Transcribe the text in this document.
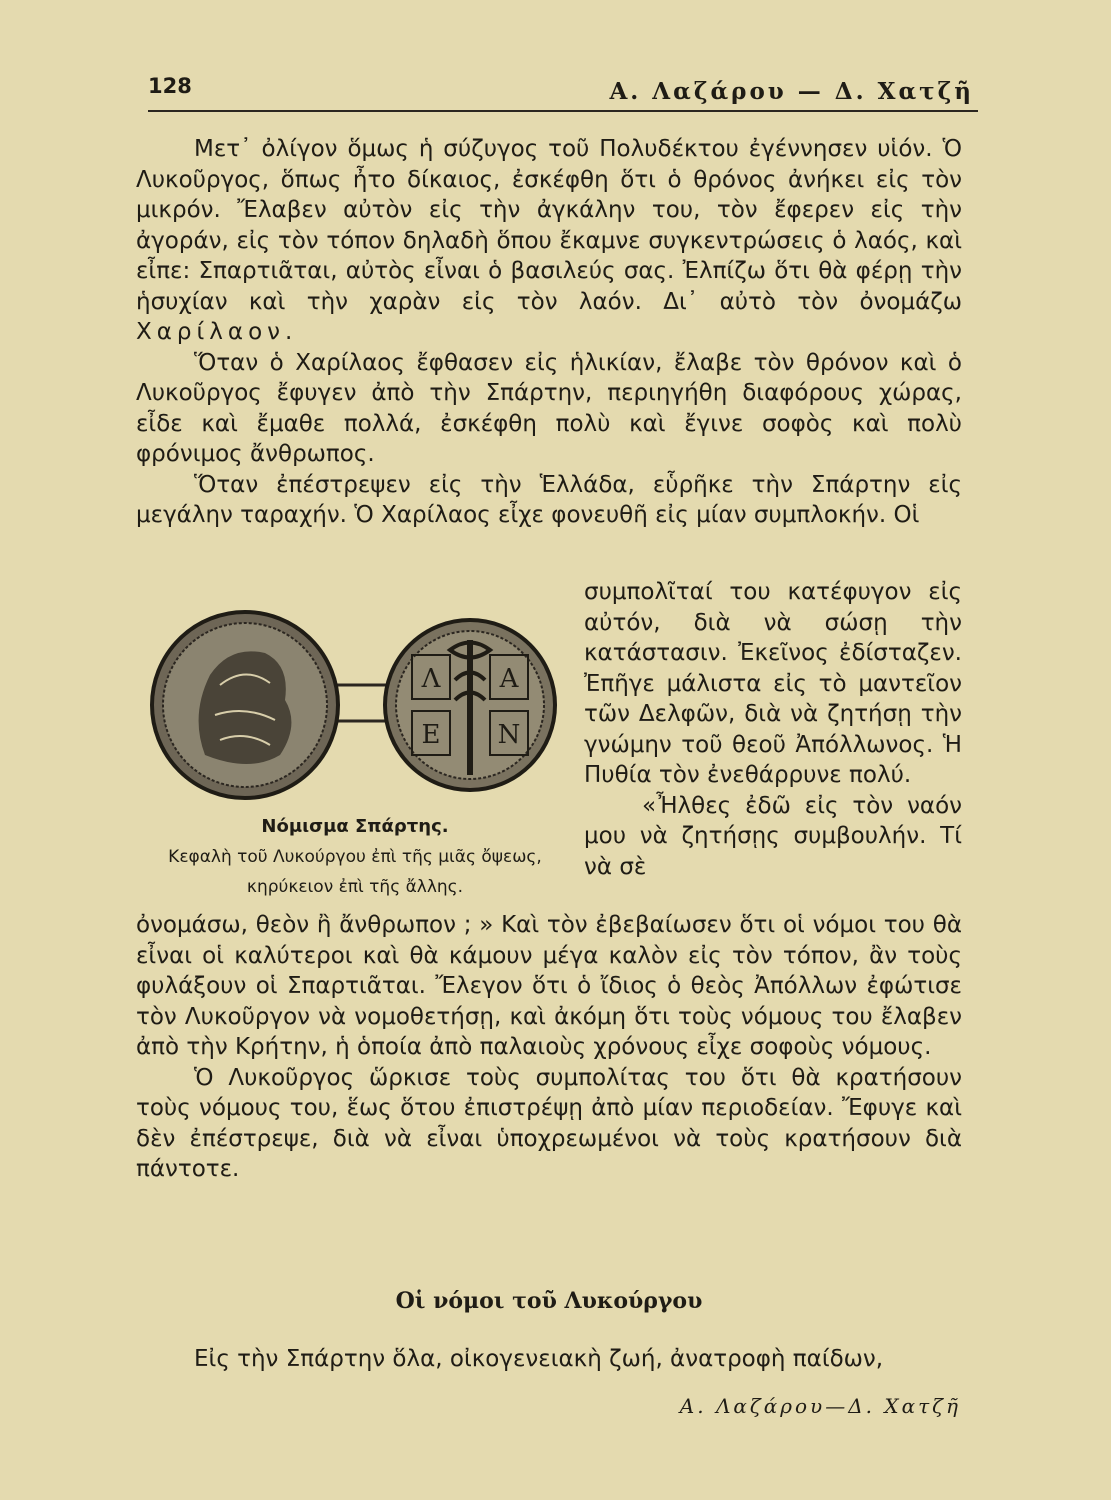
128	Α. Λαζάρου — Δ. Χατζῆ

Μετ᾽ ὀλίγον ὅμως ἡ σύζυγος τοῦ Πολυδέκτου ἐγέννησεν υἱόν. Ὁ Λυκοῦργος, ὅπως ἦτο δίκαιος, ἐσκέφθη ὅτι ὁ θρόνος ἀνήκει εἰς τὸν μικρόν. Ἔλαβεν αὐτὸν εἰς τὴν ἀγκάλην του, τὸν ἔφερεν εἰς τὴν ἀγοράν, εἰς τὸν τόπον δηλαδὴ ὅπου ἔκαμνε συγκεντρώσεις ὁ λαός, καὶ εἶπε: Σπαρτιᾶται, αὐτὸς εἶναι ὁ βασιλεύς σας. Ἐλπίζω ὅτι θὰ φέρῃ τὴν ἡσυχίαν καὶ τὴν χαρὰν εἰς τὸν λαόν. Δι᾽ αὐτὸ τὸν ὀνομάζω Χαρίλαον.

Ὅταν ὁ Χαρίλαος ἔφθασεν εἰς ἡλικίαν, ἔλαβε τὸν θρόνον καὶ ὁ Λυκοῦργος ἔφυγεν ἀπὸ τὴν Σπάρτην, περιηγήθη διαφόρους χώρας, εἶδε καὶ ἔμαθε πολλά, ἐσκέφθη πολὺ καὶ ἔγινε σοφὸς καὶ πολὺ φρόνιμος ἄνθρωπος.

Ὅταν ἐπέστρεψεν εἰς τὴν Ἑλλάδα, εὗρῆκε τὴν Σπάρτην εἰς μεγάλην ταραχήν. Ὁ Χαρίλαος εἶχε φονευθῆ εἰς μίαν συμπλοκήν. Οἱ

Λ Α
Ε Ν
Νόμισμα Σπάρτης.
Κεφαλὴ τοῦ Λυκούργου ἐπὶ τῆς μιᾶς ὄψεως, κηρύκειον ἐπὶ τῆς ἄλλης.

συμπολῖταί του κατέφυγον εἰς αὐτόν, διὰ νὰ σώσῃ τὴν κατάστασιν. Ἐκεῖνος ἐδίσταζεν. Ἐπῆγε μάλιστα εἰς τὸ μαντεῖον τῶν Δελφῶν, διὰ νὰ ζητήσῃ τὴν γνώμην τοῦ θεοῦ Ἀπόλλωνος. Ἡ Πυθία τὸν ἐνεθάρρυνε πολύ.

«Ἦλθες ἐδῶ εἰς τὸν ναόν μου νὰ ζητήσῃς συμβουλήν. Τί νὰ σὲ

ὀνομάσω, θεὸν ἢ ἄνθρωπον ; » Καὶ τὸν ἐβεβαίωσεν ὅτι οἱ νόμοι του θὰ εἶναι οἱ καλύτεροι καὶ θὰ κάμουν μέγα καλὸν εἰς τὸν τόπον, ἂν τοὺς φυλάξουν οἱ Σπαρτιᾶται. Ἔλεγον ὅτι ὁ ἴδιος ὁ θεὸς Ἀπόλλων ἐφώτισε τὸν Λυκοῦργον νὰ νομοθετήσῃ, καὶ ἀκόμη ὅτι τοὺς νόμους του ἔλαβεν ἀπὸ τὴν Κρήτην, ἡ ὁποία ἀπὸ παλαιοὺς χρόνους εἶχε σοφοὺς νόμους.

Ὁ Λυκοῦργος ὥρκισε τοὺς συμπολίτας του ὅτι θὰ κρατήσουν τοὺς νόμους του, ἕως ὅτου ἐπιστρέψῃ ἀπὸ μίαν περιοδείαν. Ἔφυγε καὶ δὲν ἐπέστρεψε, διὰ νὰ εἶναι ὑποχρεωμένοι νὰ τοὺς κρατήσουν διὰ πάντοτε.

Οἱ νόμοι τοῦ Λυκούργου

Εἰς τὴν Σπάρτην ὅλα, οἰκογενειακὴ ζωή, ἀνατροφὴ παίδων,

Α. Λαζάρου—Δ. Χατζῆ
